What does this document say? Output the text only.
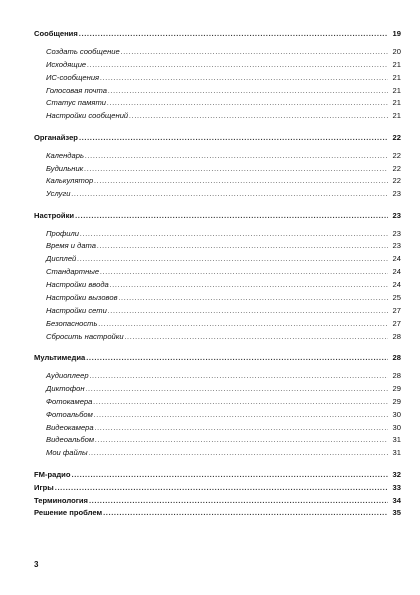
Сообщения .....	19
Создать сообщение .....	20
Исходящие .....	21
ИС-сообщения .....	21
Голосовая почта .....	21
Статус памяти .....	21
Настройки сообщений .....	21
Органайзер .....	22
Календарь .....	22
Будильник .....	22
Калькулятор .....	22
Услуги .....	23
Настройки .....	23
Профили .....	23
Время и дата .....	23
Дисплей .....	24
Стандартные .....	24
Настройки ввода .....	24
Настройки вызовов .....	25
Настройки сети .....	27
Безопасность .....	27
Сбросить настройки .....	28
Мультимедиа .....	28
Аудиоплеер .....	28
Диктофон .....	29
Фотокамера .....	29
Фотоальбом .....	30
Видеокамера .....	30
Видеоальбом .....	31
Мои файлы .....	31
FM-радио .....	32
Игры .....	33
Терминология .....	34
Решение проблем .....	35
3
